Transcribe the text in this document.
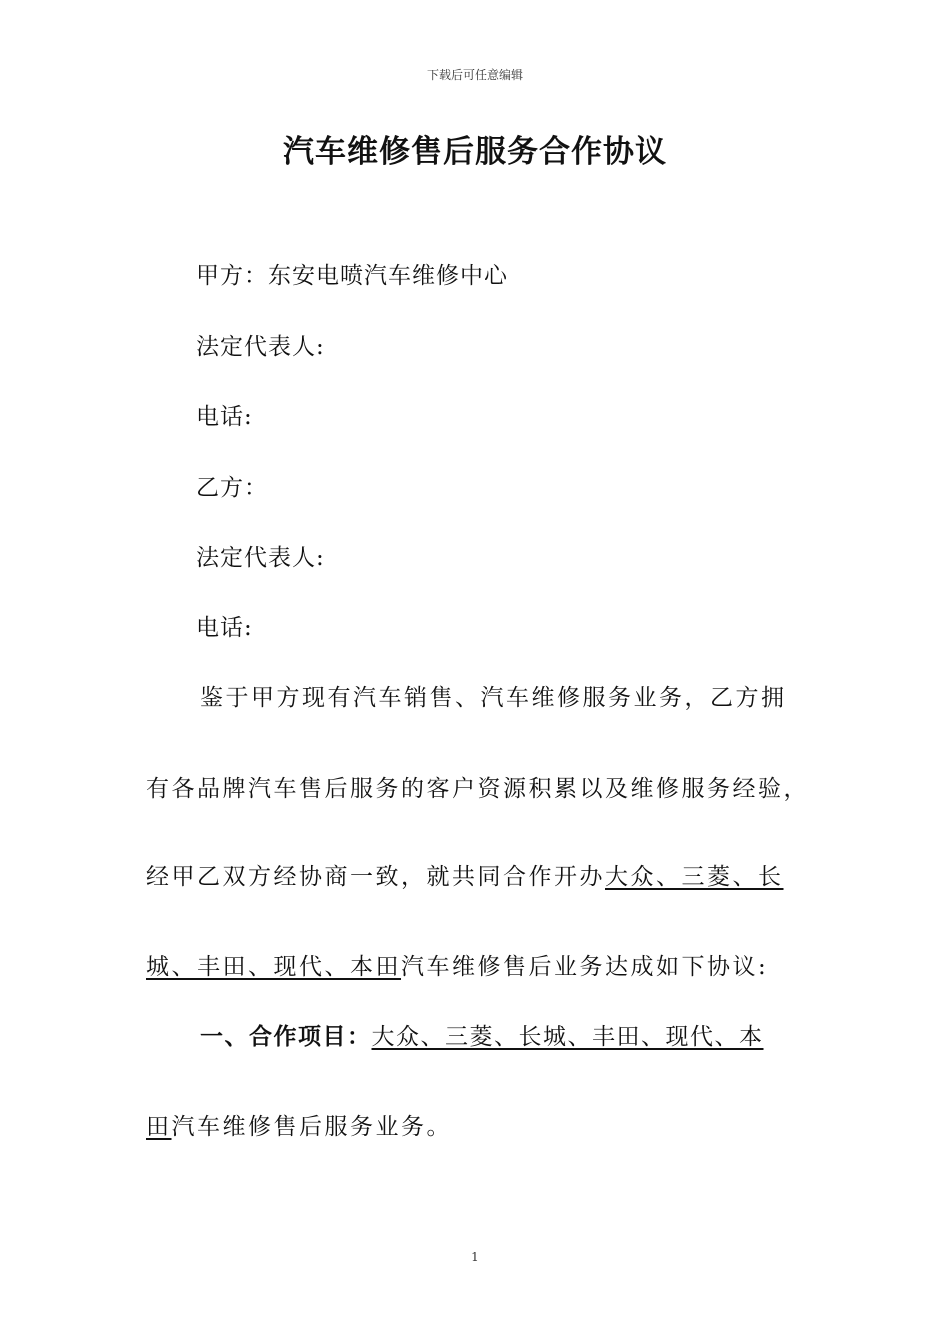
下载后可任意编辑
汽车维修售后服务合作协议
甲方：东安电喷汽车维修中心
法定代表人:
电话:
乙方：
法定代表人:
电话:
鉴于甲方现有汽车销售、汽车维修服务业务，乙方拥
有各品牌汽车售后服务的客户资源积累以及维修服务经验，
经甲乙双方经协商一致，就共同合作开办大众、三菱、长
城、丰田、现代、本田汽车维修售后业务达成如下协议:
一、合作项目：大众、三菱、长城、丰田、现代、本
田汽车维修售后服务业务。
1
